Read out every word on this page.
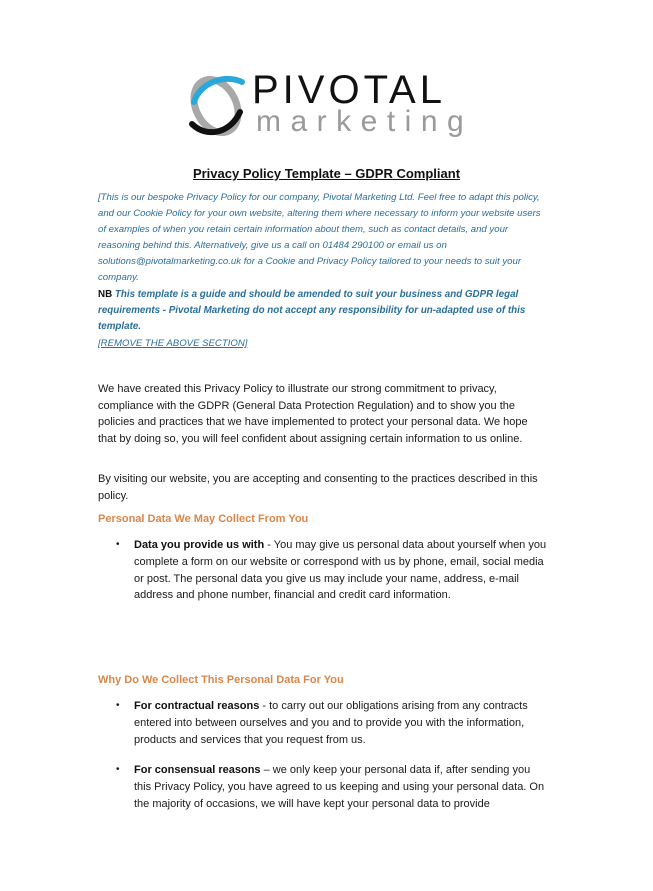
PIVOTAL
marketing
Privacy Policy Template – GDPR Compliant

[This is our bespoke Privacy Policy for our company, Pivotal Marketing Ltd. Feel free to adapt this policy, and our Cookie Policy for your own website, altering them where necessary to inform your website users of examples of when you retain certain information about them, such as contact details, and your reasoning behind this. Alternatively, give us a call on 01484 290100 or email us on solutions@pivotalmarketing.co.uk for a Cookie and Privacy Policy tailored to your needs to suit your company.

NB This template is a guide and should be amended to suit your business and GDPR legal requirements - Pivotal Marketing do not accept any responsibility for un-adapted use of this template.

[REMOVE THE ABOVE SECTION]

We have created this Privacy Policy to illustrate our strong commitment to privacy, compliance with the GDPR (General Data Protection Regulation) and to show you the policies and practices that we have implemented to protect your personal data. We hope that by doing so, you will feel confident about assigning certain information to us online.

By visiting our website, you are accepting and consenting to the practices described in this policy.

Personal Data We May Collect From You
• Data you provide us with - You may give us personal data about yourself when you complete a form on our website or correspond with us by phone, email, social media or post. The personal data you give us may include your name, address, e-mail address and phone number, financial and credit card information.
Why Do We Collect This Personal Data For You
• For contractual reasons - to carry out our obligations arising from any contracts entered into between ourselves and you and to provide you with the information, products and services that you request from us.
• For consensual reasons – we only keep your personal data if, after sending you this Privacy Policy, you have agreed to us keeping and using your personal data. On the majority of occasions, we will have kept your personal data to provide
